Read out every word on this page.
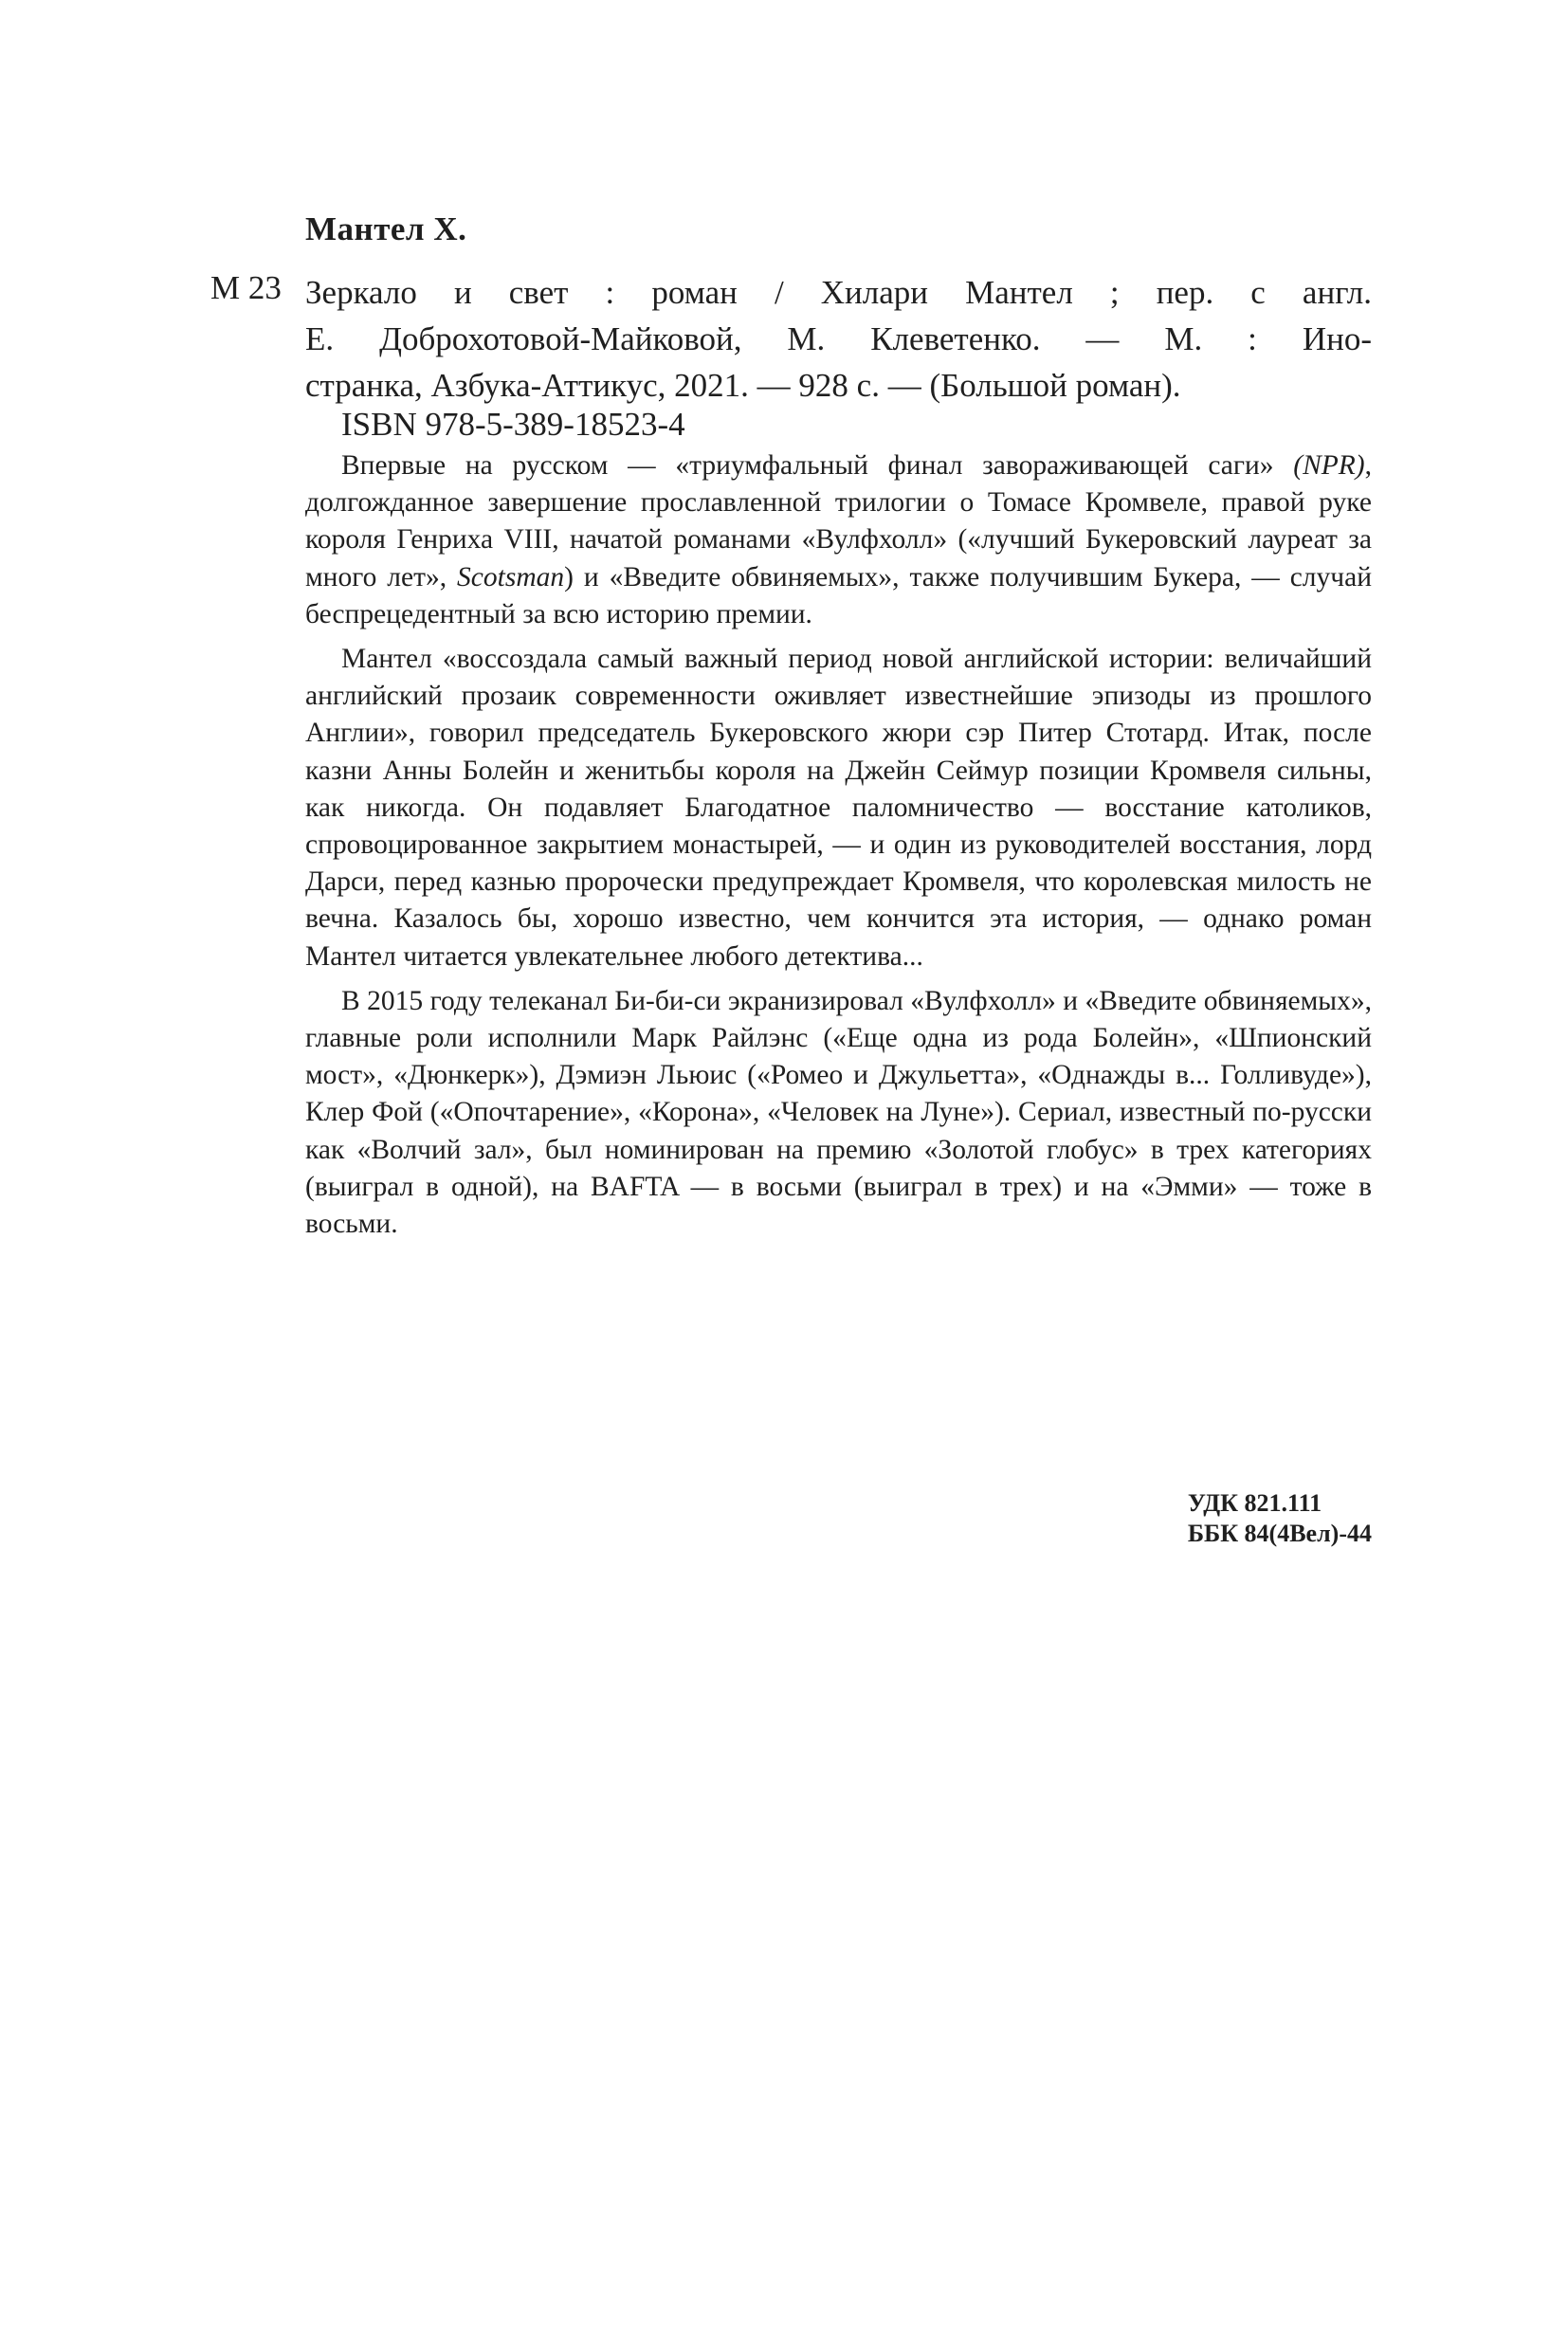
Мантел Х.
М 23 Зеркало и свет : роман / Хилари Мантел ; пер. с англ.
Е. Доброхотовой-Майковой, М. Клеветенко. — М. : Ино-
странка, Азбука-Аттикус, 2021. — 928 с. — (Большой роман).
ISBN 978-5-389-18523-4

Впервые на русском — «триумфальный финал завораживающей саги» (NPR), долгожданное завершение прославленной трилогии о Томасе Кромвеле, правой руке короля Генриха VIII, начатой романами «Вулфхолл» («лучший Букеровский лауреат за много лет», Scotsman) и «Введите обвиняемых», также получившим Букера, — случай беспрецедентный за всю историю премии.

Мантел «воссоздала самый важный период новой английской истории: величайший английский прозаик современности оживляет известнейшие эпизоды из прошлого Англии», говорил председатель Букеровского жюри сэр Питер Стотард. Итак, после казни Анны Болейн и женитьбы короля на Джейн Сеймур позиции Кромвеля сильны, как никогда. Он подавляет Благодатное паломничество — восстание католиков, спровоцированное закрытием монастырей, — и один из руководителей восстания, лорд Дарси, перед казнью пророчески предупреждает Кромвеля, что королевская милость не вечна. Казалось бы, хорошо известно, чем кончится эта история, — однако роман Мантел читается увлекательнее любого детектива...

В 2015 году телеканал Би-би-си экранизировал «Вулфхолл» и «Введите обвиняемых», главные роли исполнили Марк Райлэнс («Еще одна из рода Болейн», «Шпионский мост», «Дюнкерк»), Дэмиэн Льюис («Ромео и Джульетта», «Однажды в... Голливуде»), Клер Фой («Опочтарение», «Корона», «Человек на Луне»). Сериал, известный по-русски как «Волчий зал», был номинирован на премию «Золотой глобус» в трех категориях (выиграл в одной), на BAFTA — в восьми (выиграл в трех) и на «Эмми» — тоже в восьми.

УДК 821.111
ББК 84(4Вел)-44
